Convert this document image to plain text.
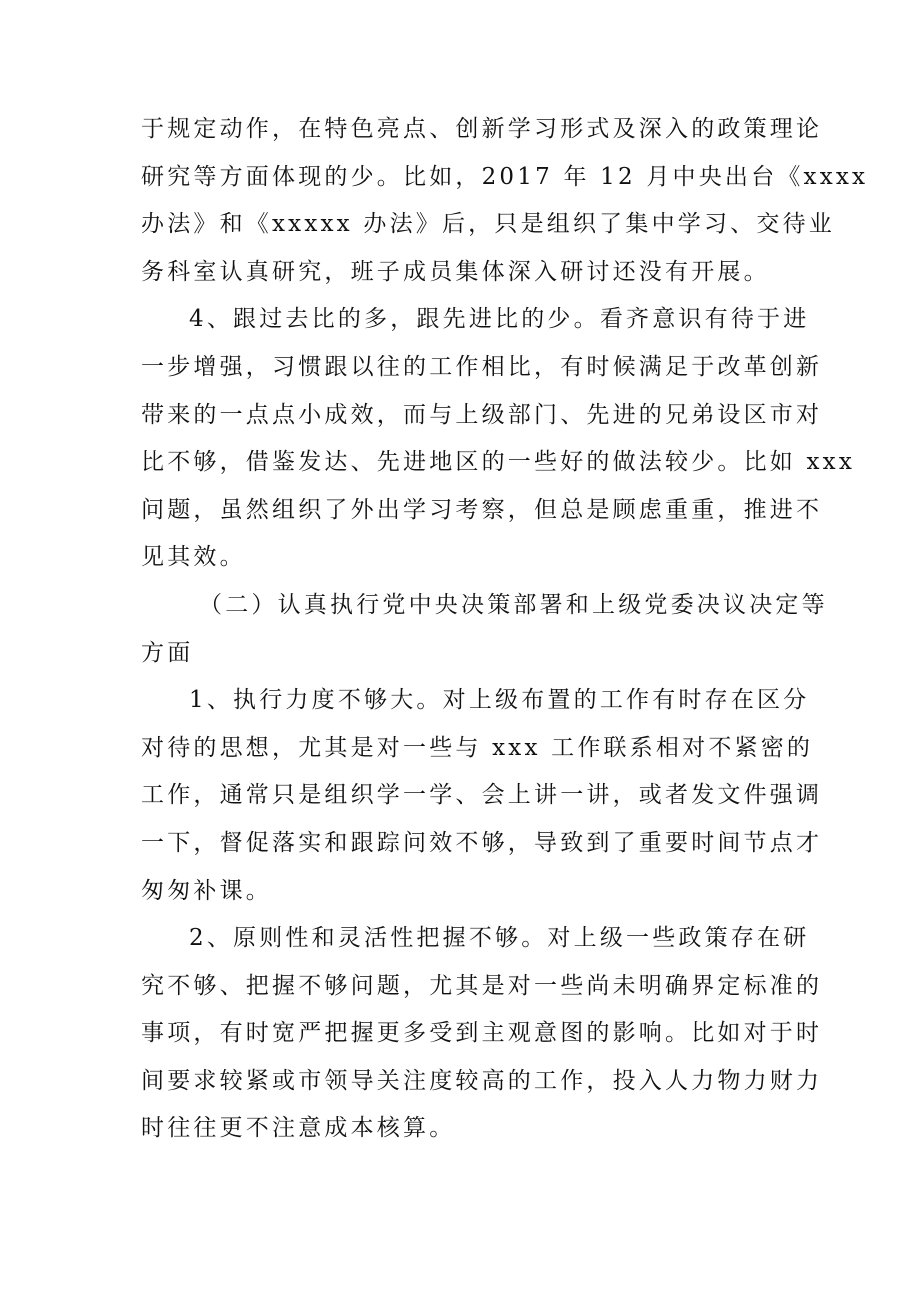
于规定动作，在特色亮点、创新学习形式及深入的政策理论
研究等方面体现的少。比如，2017 年 12 月中央出台《xxxx
办法》和《xxxxx 办法》后，只是组织了集中学习、交待业
务科室认真研究，班子成员集体深入研讨还没有开展。
4、跟过去比的多，跟先进比的少。看齐意识有待于进
一步增强，习惯跟以往的工作相比，有时候满足于改革创新
带来的一点点小成效，而与上级部门、先进的兄弟设区市对
比不够，借鉴发达、先进地区的一些好的做法较少。比如 xxx
问题，虽然组织了外出学习考察，但总是顾虑重重，推进不
见其效。
（二）认真执行党中央决策部署和上级党委决议决定等
方面
1、执行力度不够大。对上级布置的工作有时存在区分
对待的思想，尤其是对一些与 xxx 工作联系相对不紧密的
工作，通常只是组织学一学、会上讲一讲，或者发文件强调
一下，督促落实和跟踪问效不够，导致到了重要时间节点才
匆匆补课。
2、原则性和灵活性把握不够。对上级一些政策存在研
究不够、把握不够问题，尤其是对一些尚未明确界定标准的
事项，有时宽严把握更多受到主观意图的影响。比如对于时
间要求较紧或市领导关注度较高的工作，投入人力物力财力
时往往更不注意成本核算。
